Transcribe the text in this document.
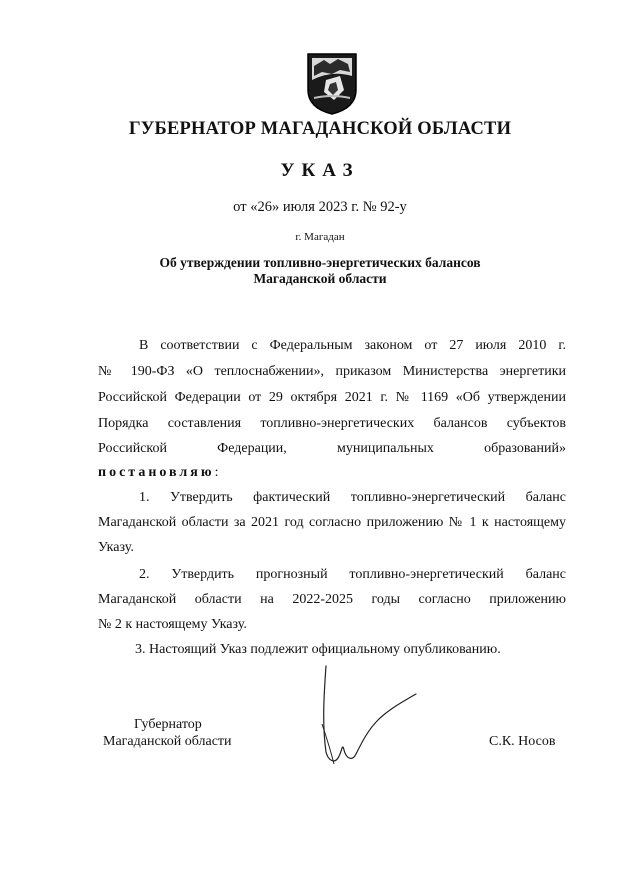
ГУБЕРНАТОР МАГАДАНСКОЙ ОБЛАСТИ
УКАЗ
от «26» июля 2023 г. № 92-у
г. Магадан
Об утверждении топливно-энергетических балансов
Магаданской области
В соответствии с Федеральным законом от 27 июля 2010 г.
№ 190-ФЗ «О теплоснабжении», приказом Министерства энергетики
Российской Федерации от 29 октября 2021 г. № 1169 «Об утверждении
Порядка составления топливно-энергетических балансов субъектов
Российской Федерации, муниципальных образований»
постановляю:
1. Утвердить фактический топливно-энергетический баланс
Магаданской области за 2021 год согласно приложению № 1 к настоящему
Указу.
2. Утвердить прогнозный топливно-энергетический баланс
Магаданской области на 2022-2025 годы согласно приложению
№ 2 к настоящему Указу.
3. Настоящий Указ подлежит официальному опубликованию.
Губернатор
Магаданской области	С.К. Носов
